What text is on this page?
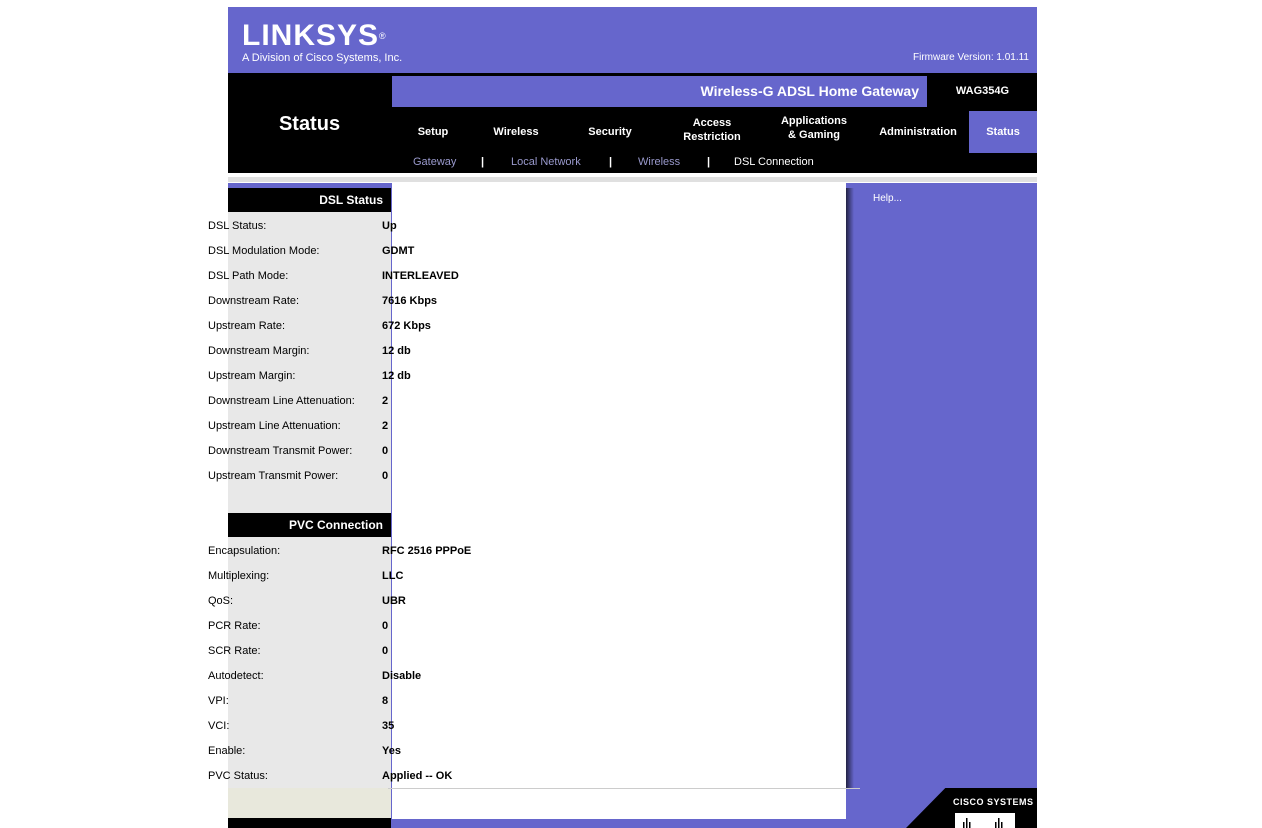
LINKSYS®
A Division of Cisco Systems, Inc.	Firmware Version: 1.01.11
Status
Wireless-G ADSL Home Gateway	WAG354G
Setup	Wireless	Security
Access
Restriction
Applications
& Gaming	Administration	Status
Gateway | Local Network	| Wireless | DSL Connection
DSL Status
PVC Connection
Help...
CISCO SYSTEMS
DSL Status:	Up
DSL Modulation Mode:	GDMT
DSL Path Mode:	INTERLEAVED
Downstream Rate:	7616 Kbps
Upstream Rate:	672 Kbps
Downstream Margin:	12 db
Upstream Margin:	12 db
Downstream Line Attenuation: 2
Upstream Line Attenuation:	2
Downstream Transmit Power:	0
Upstream Transmit Power:	0
Encapsulation:	RFC 2516 PPPoE
Multiplexing:	LLC
QoS:	UBR
PCR Rate:	0
SCR Rate:	0
Autodetect:	Disable
VPI:	8
VCI:	35
Enable:	Yes
PVC Status:	Applied -- OK
